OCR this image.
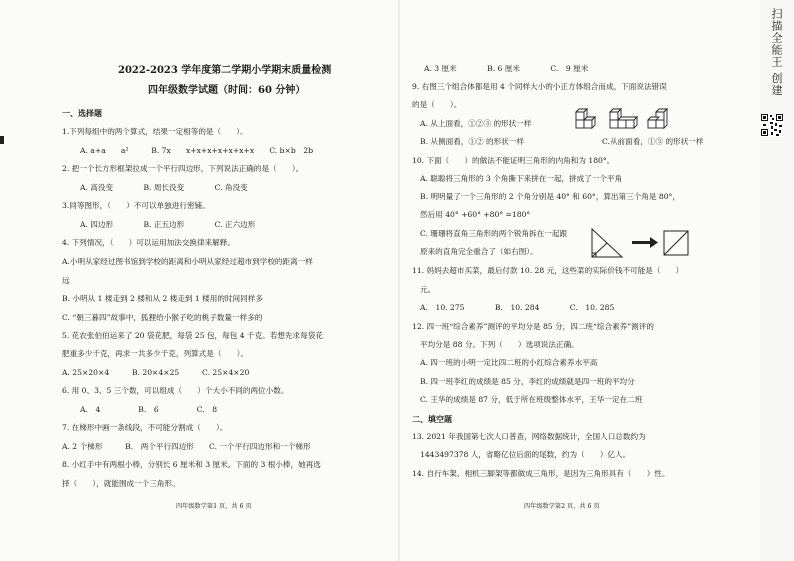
2022-2023 学年度第二学期小学期末质量检测
四年级数学试题（时间：60 分钟）
一、选择题
1.下列每组中的两个算式，结果一定相等的是（　　）。
A. a+a　　a²　　　B. 7x　　x+x+x+x+x+x+x　　C. b×b　2b
2. 把一个长方形框架拉成一个平行四边形，下列说法正确的是（　　）。
A. 高没变　　　　B. 周长没变　　　　C. 角没变
3.同等图形，（　　）不可以单独进行密铺。
A. 四边形　　　　B. 正五边形　　　　C. 正六边形
4. 下列情况，（　　）可以运用加法交换律来解释。
A.小明从家经过图书馆到学校的距离和小明从家经过超市到学校的距离一样
远
B. 小明从 1 楼走到 2 楼和从 2 楼走到 1 楼用的时间同样多
C. “朝三暮四”故事中，狐狸给小猴子吃的桃子数量一样多的
5. 花农张伯伯运来了 20 袋花肥，每袋 25 包，每包 4 千克。若想先求每袋花
肥重多少千克，再求一共多少千克，列算式是（　　）。
A. 25×20×4　　　B. 20×4×25　　　C. 25×4×20
6. 用 0、3、5 三个数，可以组成（　　）个大小不同的两位小数。
A.　4　　　　　B.　6　　　　　C.　8
7. 在梯形中画一条线段，不可能分割成（　　）。
A. 2 个梯形　　　B.　两个平行四边形　　C. 一个平行四边形和一个梯形
8. 小红手中有两根小棒，分别长 6 厘米和 3 厘米。下面的 3 根小棒，她再选
择（　　），就能围成一个三角形。
四年级数学第1 页，共 6 页
A. 3 厘米　　　　B. 6 厘米　　　　C.　9 厘米
9. 右图三个组合体都是用 4 个同样大小的小正方体组合而成，下面说法错误
的是（　　）。
A. 从上面看，①②③ 的形状一样
C.从前面看，①③ 的形状一样
B. 从侧面看，①② 的形状一样
10. 下面（　　）的做法不能证明三角形的内角和为 180°。
A. 聪聪将三角形的 3 个角撕下来拼在一起，拼成了一个平角
B. 明明量了一个三角形的 2 个角分别是 40° 和 60°，算出第三个角是 80°，
然后用 40° +60° +80° =180°
C. 珊珊将直角三角形的两个锐角拆在一起跟
原来的直角完全重合了（如右图）。
11. 妈妈去超市买菜，最后付款 10. 28 元，这些菜的实际价钱不可能是（　　）
元。
A.　10. 275　　　　B.　10. 284　　　　C.　10. 285
12. 四一班“综合素养”测评的平均分是 85 分，四二班“综合素养”测评的
平均分是 88 分。下列（　　）选项说法正确。
A. 四一班的小明一定比四二班的小红综合素养水平高
B. 四一班李红的成绩是 85 分，李红的成绩就是四一班的平均分
C. 王华的成绩是 87 分，低于所在班级整体水平，王华一定在二班
二、填空题
13. 2021 年我国第七次人口普查，网络数据统计，全国人口总数约为
1443497378 人，省略亿位后面的尾数，约为（　　）亿人。
14. 自行车架、相机三脚架等都做成三角形，是因为三角形具有（　　）性。
四年级数学第2 页，共 6 页
扫描全能王 创建
